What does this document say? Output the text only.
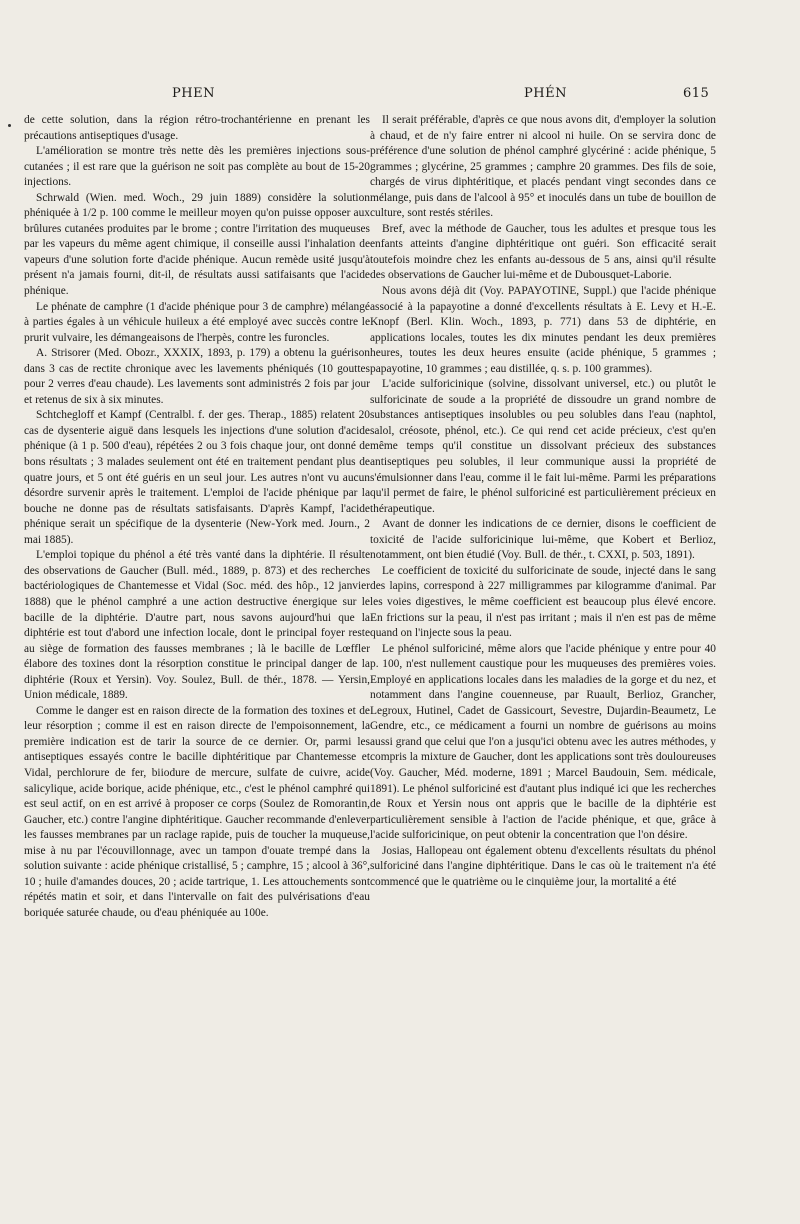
PHEN	PHÉN	615

de cette solution, dans la région rétro-trochantérienne en prenant les précautions antiseptiques d'usage.

L'amélioration se montre très nette dès les premières injections sous-cutanées ; il est rare que la guérison ne soit pas complète au bout de 15-20 injections.

Schrwald (Wien. med. Woch., 29 juin 1889) considère la solution phéniquée à 1/2 p. 100 comme le meilleur moyen qu'on puisse opposer aux brûlures cutanées produites par le brome ; contre l'irritation des muqueuses par les vapeurs du même agent chimique, il conseille aussi l'inhalation de vapeurs d'une solution forte d'acide phénique. Aucun remède usité jusqu'à présent n'a jamais fourni, dit-il, de résultats aussi satifaisants que l'acide phénique.

Le phénate de camphre (1 d'acide phénique pour 3 de camphre) mélangé à parties égales à un véhicule huileux a été employé avec succès contre le prurit vulvaire, les démangeaisons de l'herpès, contre les furoncles.

A. Strisorer (Med. Obozr., XXXIX, 1893, p. 179) a obtenu la guérison dans 3 cas de rectite chronique avec les lavements phéniqués (10 gouttes pour 2 verres d'eau chaude). Les lavements sont administrés 2 fois par jour et retenus de six à six minutes.

Schtchegloff et Kampf (Centralbl. f. der ges. Therap., 1885) relatent 20 cas de dysenterie aiguë dans lesquels les injections d'une solution d'acide phénique (à 1 p. 500 d'eau), répétées 2 ou 3 fois chaque jour, ont donné de bons résultats ; 3 malades seulement ont été en traitement pendant plus de quatre jours, et 5 ont été guéris en un seul jour. Les autres n'ont vu aucun désordre survenir après le traitement. L'emploi de l'acide phénique par la bouche ne donne pas de résultats satisfaisants. D'après Kampf, l'acide phénique serait un spécifique de la dysenterie (New-York med. Journ., 2 mai 1885).

L'emploi topique du phénol a été très vanté dans la diphtérie. Il résulte des observations de Gaucher (Bull. méd., 1889, p. 873) et des recherches bactériologiques de Chantemesse et Vidal (Soc. méd. des hôp., 12 janvier 1888) que le phénol camphré a une action destructive énergique sur le bacille de la diphtérie. D'autre part, nous savons aujourd'hui que la diphtérie est tout d'abord une infection locale, dont le principal foyer reste au siège de formation des fausses membranes ; là le bacille de Lœffler élabore des toxines dont la résorption constitue le principal danger de la diphtérie (Roux et Yersin). Voy. Soulez, Bull. de thér., 1878. — Yersin, Union médicale, 1889.

Comme le danger est en raison directe de la formation des toxines et de leur résorption ; comme il est en raison directe de l'empoisonnement, la première indication est de tarir la source de ce dernier. Or, parmi les antiseptiques essayés contre le bacille diphtéritique par Chantemesse et Vidal, perchlorure de fer, biiodure de mercure, sulfate de cuivre, acide salicylique, acide borique, acide phénique, etc., c'est le phénol camphré qui est seul actif, on en est arrivé à proposer ce corps (Soulez de Romorantin, Gaucher, etc.) contre l'angine diphtéritique. Gaucher recommande d'enlever les fausses membranes par un raclage rapide, puis de toucher la muqueuse, mise à nu par l'écouvillonnage, avec un tampon d'ouate trempé dans la solution suivante : acide phénique cristallisé, 5 ; camphre, 15 ; alcool à 36°, 10 ; huile d'amandes douces, 20 ; acide tartrique, 1. Les attouchements sont répétés matin et soir, et dans l'intervalle on fait des pulvérisations d'eau boriquée saturée chaude, ou d'eau phéniquée au 100e.

Il serait préférable, d'après ce que nous avons dit, d'employer la solution à chaud, et de n'y faire entrer ni alcool ni huile. On se servira donc de préférence d'une solution de phénol camphré glycériné : acide phénique, 5 grammes ; glycérine, 25 grammes ; camphre 20 grammes. Des fils de soie, chargés de virus diphtéritique, et placés pendant vingt secondes dans ce mélange, puis dans de l'alcool à 95° et inoculés dans un tube de bouillon de culture, sont restés stériles.

Bref, avec la méthode de Gaucher, tous les adultes et presque tous les enfants atteints d'angine diphtéritique ont guéri. Son efficacité serait toutefois moindre chez les enfants au-dessous de 5 ans, ainsi qu'il résulte des observations de Gaucher lui-même et de Dubousquet-Laborie.

Nous avons déjà dit (Voy. PAPAYOTINE, Suppl.) que l'acide phénique associé à la papayotine a donné d'excellents résultats à E. Levy et H.-E. Knopf (Berl. Klin. Woch., 1893, p. 771) dans 53 de diphtérie, en applications locales, toutes les dix minutes pendant les deux premières heures, toutes les deux heures ensuite (acide phénique, 5 grammes ; papayotine, 10 grammes ; eau distillée, q. s. p. 100 grammes).

L'acide sulforicinique (solvine, dissolvant universel, etc.) ou plutôt le sulforicinate de soude a la propriété de dissoudre un grand nombre de substances antiseptiques insolubles ou peu solubles dans l'eau (naphtol, salol, créosote, phénol, etc.). Ce qui rend cet acide précieux, c'est qu'en même temps qu'il constitue un dissolvant précieux des substances antiseptiques peu solubles, il leur communique aussi la propriété de s'émulsionner dans l'eau, comme il le fait lui-même. Parmi les préparations qu'il permet de faire, le phénol sulforiciné est particulièrement précieux en thérapeutique.

Avant de donner les indications de ce dernier, disons le coefficient de toxicité de l'acide sulforicinique lui-même, que Kobert et Berlioz, notamment, ont bien étudié (Voy. Bull. de thér., t. CXXI, p. 503, 1891).

Le coefficient de toxicité du sulforicinate de soude, injecté dans le sang des lapins, correspond à 227 milligrammes par kilogramme d'animal. Par les voies digestives, le même coefficient est beaucoup plus élevé encore. En frictions sur la peau, il n'est pas irritant ; mais il n'en est pas de même quand on l'injecte sous la peau.

Le phénol sulforiciné, même alors que l'acide phénique y entre pour 40 p. 100, n'est nullement caustique pour les muqueuses des premières voies. Employé en applications locales dans les maladies de la gorge et du nez, et notamment dans l'angine couenneuse, par Ruault, Berlioz, Grancher, Legroux, Hutinel, Cadet de Gassicourt, Sevestre, Dujardin-Beaumetz, Le Gendre, etc., ce médicament a fourni un nombre de guérisons au moins aussi grand que celui que l'on a jusqu'ici obtenu avec les autres méthodes, y compris la mixture de Gaucher, dont les applications sont très douloureuses (Voy. Gaucher, Méd. moderne, 1891 ; Marcel Baudouin, Sem. médicale, 1891). Le phénol sulforiciné est d'autant plus indiqué ici que les recherches de Roux et Yersin nous ont appris que le bacille de la diphtérie est particulièrement sensible à l'action de l'acide phénique, et que, grâce à l'acide sulforicinique, on peut obtenir la concentration que l'on désire.

Josias, Hallopeau ont également obtenu d'excellents résultats du phénol sulforiciné dans l'angine diphtéritique. Dans le cas où le traitement n'a été commencé que le quatrième ou le cinquième jour, la mortalité a été
